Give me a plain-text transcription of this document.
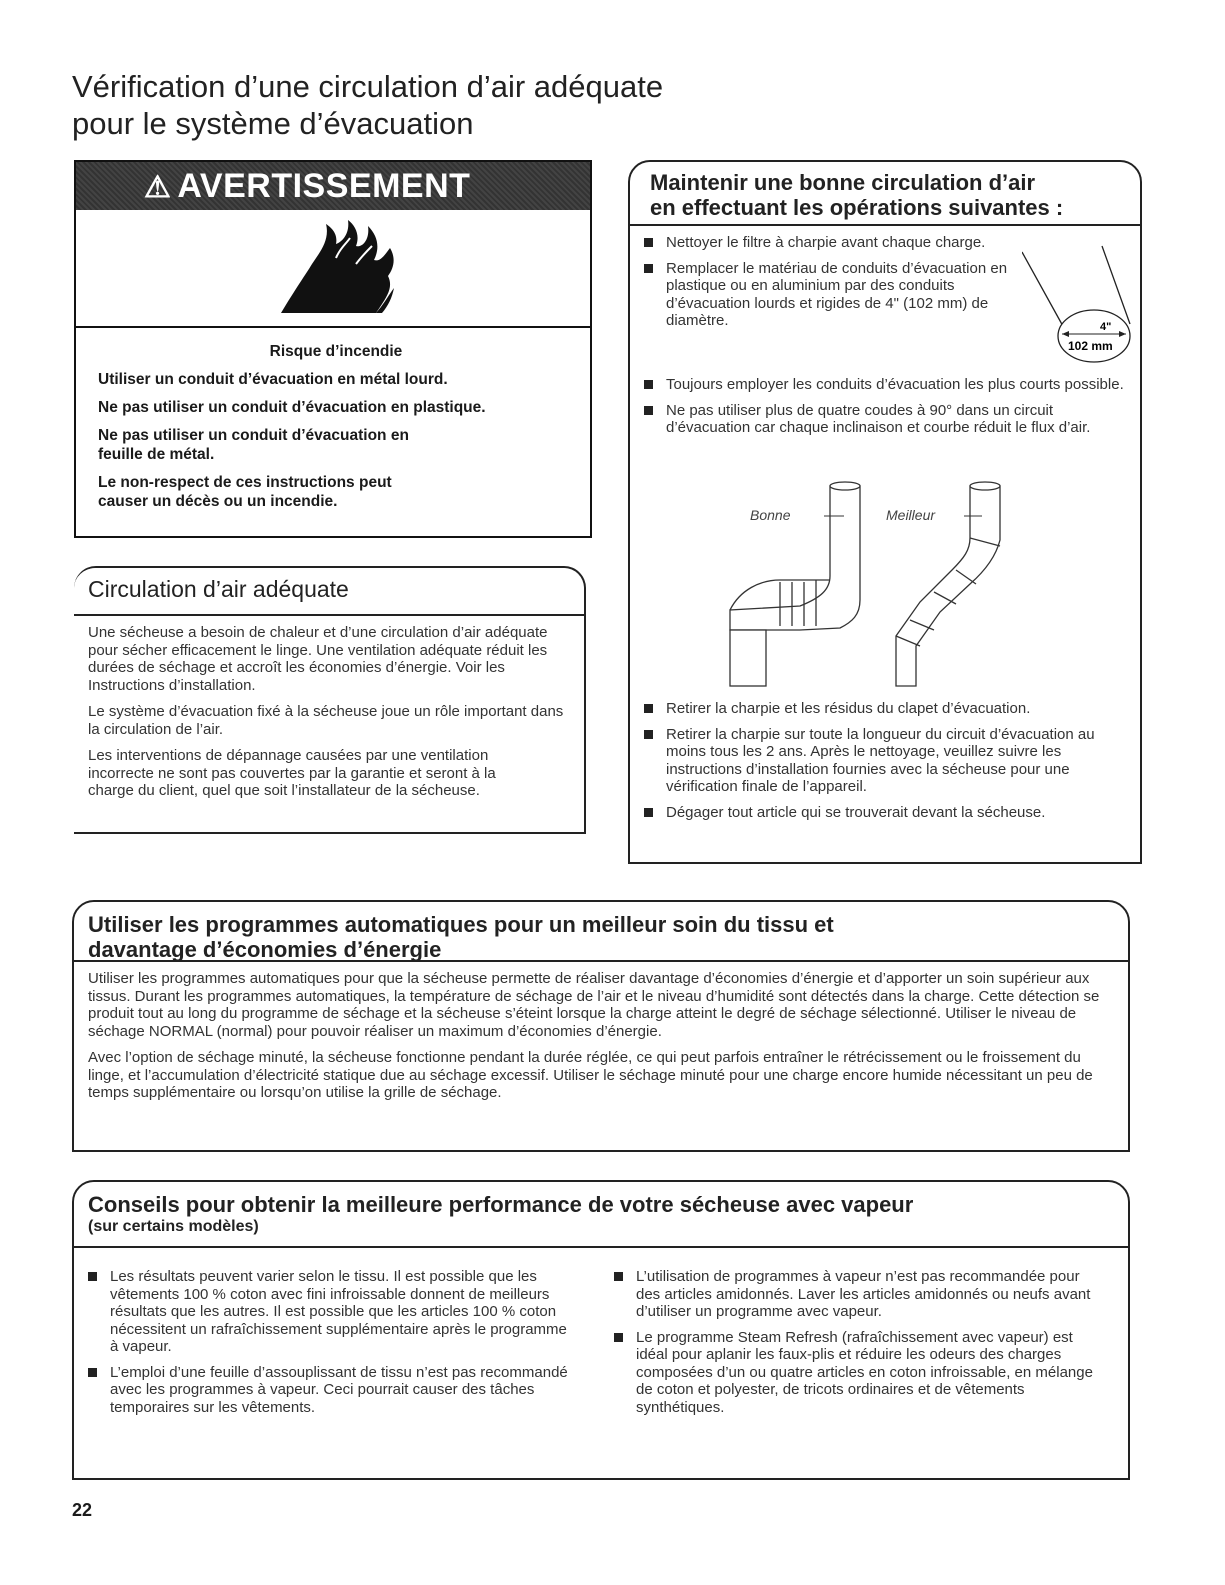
Vérification d’une circulation d’air adéquate
pour le système d’évacuation
⚠ AVERTISSEMENT

Risque d’incendie

Utiliser un conduit d’évacuation en métal lourd.

Ne pas utiliser un conduit d’évacuation en plastique.

Ne pas utiliser un conduit d’évacuation en feuille de métal.

Le non-respect de ces instructions peut causer un décès ou un incendie.

Circulation d’air adéquate

Une sécheuse a besoin de chaleur et d’une circulation d’air adéquate pour sécher efficacement le linge. Une ventilation adéquate réduit les durées de séchage et accroît les économies d’énergie. Voir les Instructions d’installation.

Le système d’évacuation fixé à la sécheuse joue un rôle important dans la circulation de l’air.

Les interventions de dépannage causées par une ventilation incorrecte ne sont pas couvertes par la garantie et seront à la charge du client, quel que soit l’installateur de la sécheuse.

Maintenir une bonne circulation d’air
en effectuant les opérations suivantes :
Nettoyer le filtre à charpie avant chaque charge.
Remplacer le matériau de conduits d’évacuation en plastique ou en aluminium par des conduits d’évacuation lourds et rigides de 4" (102 mm) de diamètre.	4"
102 mm
Toujours employer les conduits d’évacuation les plus courts possible.
Ne pas utiliser plus de quatre coudes à 90° dans un circuit d’évacuation car chaque inclinaison et courbe réduit le flux d’air.
Bonne	Meilleur
Retirer la charpie et les résidus du clapet d’évacuation.
Retirer la charpie sur toute la longueur du circuit d’évacuation au moins tous les 2 ans. Après le nettoyage, veuillez suivre les instructions d’installation fournies avec la sécheuse pour une vérification finale de l’appareil.
Dégager tout article qui se trouverait devant la sécheuse.
Utiliser les programmes automatiques pour un meilleur soin du tissu et
davantage d’économies d’énergie

Utiliser les programmes automatiques pour que la sécheuse permette de réaliser davantage d’économies d’énergie et d’apporter un soin supérieur aux tissus. Durant les programmes automatiques, la température de séchage de l’air et le niveau d’humidité sont détectés dans la charge. Cette détection se produit tout au long du programme de séchage et la sécheuse s’éteint lorsque la charge atteint le degré de séchage sélectionné. Utiliser le niveau de séchage NORMAL (normal) pour pouvoir réaliser un maximum d’économies d’énergie.

Avec l’option de séchage minuté, la sécheuse fonctionne pendant la durée réglée, ce qui peut parfois entraîner le rétrécissement ou le froissement du linge, et l’accumulation d’électricité statique due au séchage excessif. Utiliser le séchage minuté pour une charge encore humide nécessitant un peu de temps supplémentaire ou lorsqu’on utilise la grille de séchage.

Conseils pour obtenir la meilleure performance de votre sécheuse avec vapeur
(sur certains modèles)
Les résultats peuvent varier selon le tissu. Il est possible que les vêtements 100 % coton avec fini infroissable donnent de meilleurs résultats que les autres. Il est possible que les articles 100 % coton nécessitent un rafraîchissement supplémentaire après le programme à vapeur.
L’emploi d’une feuille d’assouplissant de tissu n’est pas recommandé avec les programmes à vapeur. Ceci pourrait causer des tâches temporaires sur les vêtements.
L’utilisation de programmes à vapeur n’est pas recommandée pour des articles amidonnés. Laver les articles amidonnés ou neufs avant d’utiliser un programme avec vapeur.
Le programme Steam Refresh (rafraîchissement avec vapeur) est idéal pour aplanir les faux-plis et réduire les odeurs des charges composées d’un ou quatre articles en coton infroissable, en mélange de coton et polyester, de tricots ordinaires et de vêtements synthétiques.
22
